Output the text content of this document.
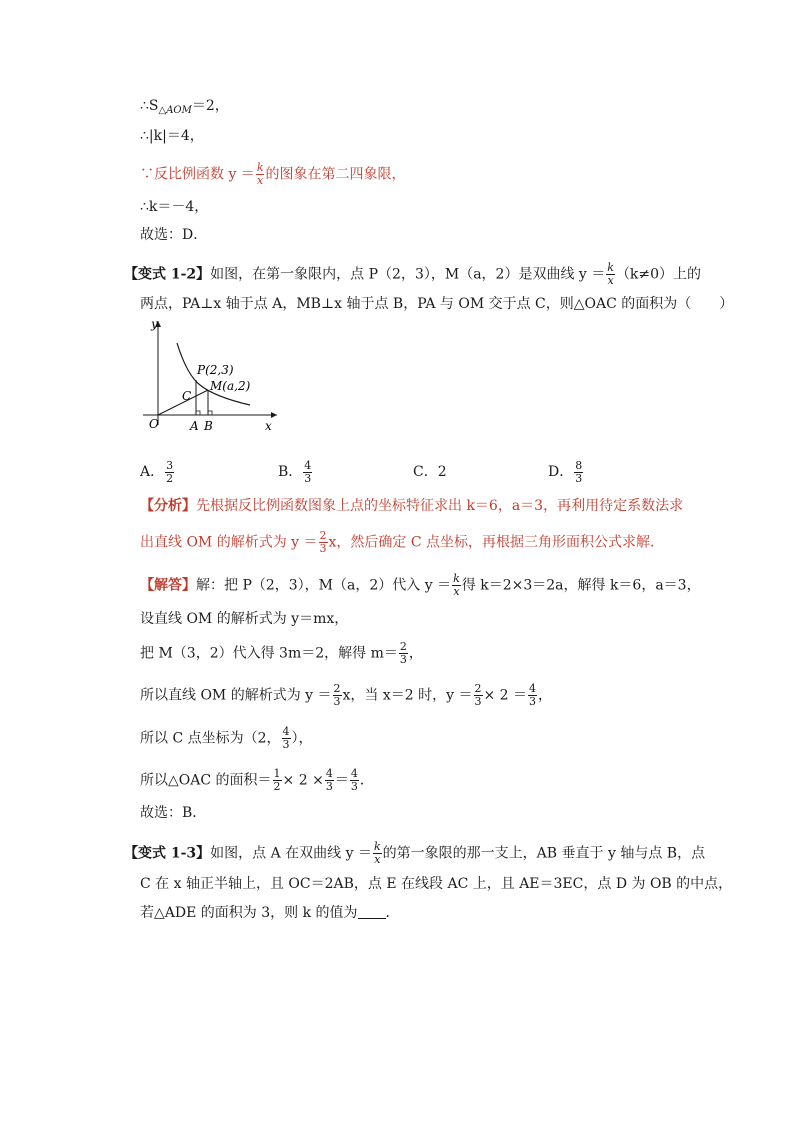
$\therefore S_{\triangle AOM}=2$，
∴|k|＝4，
∵反比例函数 $y = \frac{k}{x}$ 的图象在第二四象限，
∴k＝－4，
故选：D．
【变式 1-2】如图，在第一象限内，点 P（2，3），M（a，2）是双曲线 $y = \frac{k}{x} (k\ne 0)$上的
两点，PA⊥x 轴于点 A，MB⊥x 轴于点 B，PA 与 OM 交于点 C，则△OAC 的面积为（　　）
y
x
O	A B
C
P(2,3)
M(a,2)
A． $\frac{3}{2}$	B． $\frac{4}{3}$	C．2	D． $\frac{8}{3}$
【分析】先根据反比例函数图象上点的坐标特征求出 k＝6，a＝3，再利用待定系数法求
出直线 OM 的解析式为 $y = \frac{2}{3}$ x，然后确定 C 点坐标，再根据三角形面积公式求解．
【解答】解：把 P（2，3），M（a，2）代入 $y = \frac{k}{x}$ 得 k＝2×3＝2a，解得 k＝6，a＝3，
设直线 OM 的解析式为 y＝mx，
把 M（3，2）代入得 3m＝2，解得 $m= \frac{2}{3}$ ，
所以直线 OM 的解析式为 $y = \frac{2}{3}$ x，当 x＝2 时，$y = \frac{2}{3} \times 2 = \frac{4}{3}$ ，
所以 C 点坐标为（2， $\frac{4}{3}$ ），
所以△OAC 的面积＝ $\frac{1}{2} \times 2 \times \frac{4}{3} = \frac{4}{3}$ ．
故选：B．
【变式 1-3】如图，点 A 在双曲线 $y = \frac{k}{x}$ 的第一象限的那一支上，AB 垂直于 y 轴与点 B，点
C 在 x 轴正半轴上，且 OC＝2AB，点 E 在线段 AC 上，且 AE＝3EC，点 D 为 OB 的中点，
若△ADE 的面积为 3，则 k 的值为 ．
